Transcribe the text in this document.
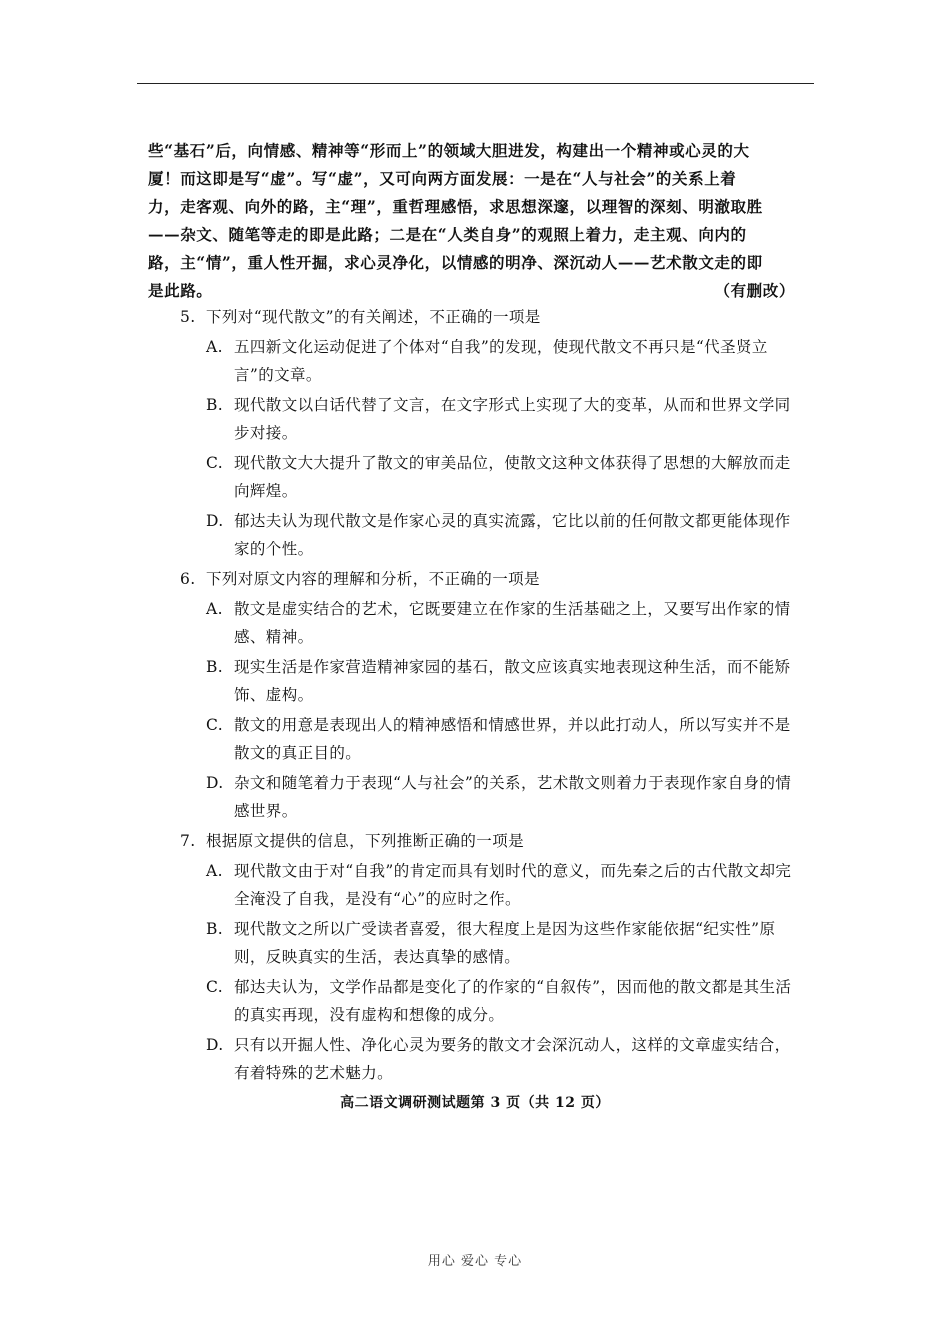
些“基石”后，向情感、精神等“形而上”的领域大胆进发，构建出一个精神或心灵的大
厦！而这即是写“虚”。写“虚”，又可向两方面发展：一是在“人与社会”的关系上着
力，走客观、向外的路，主“理”，重哲理感悟，求思想深邃，以理智的深刻、明澈取胜
——杂文、随笔等走的即是此路；二是在“人类自身”的观照上着力，走主观、向内的
路，主“情”，重人性开掘，求心灵净化，以情感的明净、深沉动人——艺术散文走的即
是此路。	（有删改）
5. 下列对“现代散文”的有关阐述，不正确的一项是
A. 五四新文化运动促进了个体对“自我”的发现，使现代散文不再只是“代圣贤立言”的文章。
B. 现代散文以白话代替了文言，在文字形式上实现了大的变革，从而和世界文学同步对接。
C. 现代散文大大提升了散文的审美品位，使散文这种文体获得了思想的大解放而走向辉煌。
D. 郁达夫认为现代散文是作家心灵的真实流露，它比以前的任何散文都更能体现作家的个性。
6. 下列对原文内容的理解和分析，不正确的一项是
A. 散文是虚实结合的艺术，它既要建立在作家的生活基础之上，又要写出作家的情感、精神。
B. 现实生活是作家营造精神家园的基石，散文应该真实地表现这种生活，而不能矫饰、虚构。
C. 散文的用意是表现出人的精神感悟和情感世界，并以此打动人，所以写实并不是散文的真正目的。
D. 杂文和随笔着力于表现“人与社会”的关系，艺术散文则着力于表现作家自身的情感世界。
7. 根据原文提供的信息，下列推断正确的一项是
A. 现代散文由于对“自我”的肯定而具有划时代的意义，而先秦之后的古代散文却完全淹没了自我，是没有“心”的应时之作。
B. 现代散文之所以广受读者喜爱，很大程度上是因为这些作家能依据“纪实性”原则，反映真实的生活，表达真挚的感情。
C. 郁达夫认为，文学作品都是变化了的作家的“自叙传”，因而他的散文都是其生活的真实再现，没有虚构和想像的成分。
D. 只有以开掘人性、净化心灵为要务的散文才会深沉动人，这样的文章虚实结合，有着特殊的艺术魅力。
高二语文调研测试题第 3 页（共 12 页）
用心 爱心 专心
